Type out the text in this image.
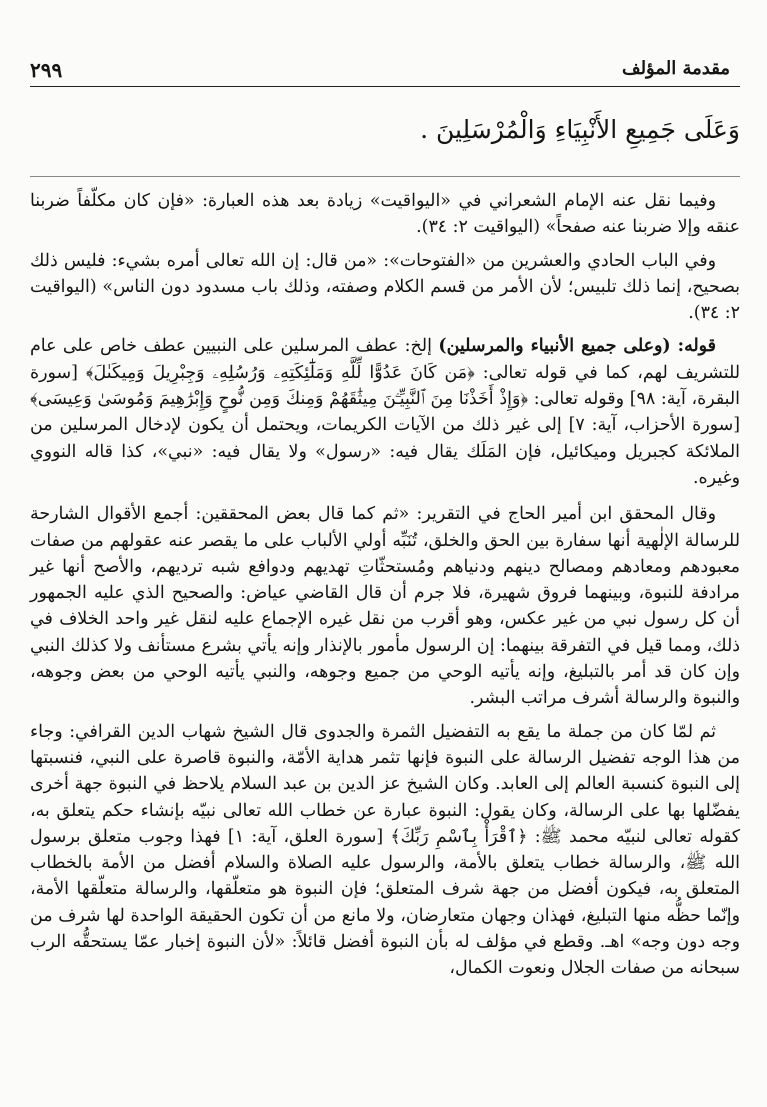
مقدمة المؤلف
٢٩٩
وَعَلَى جَمِيعِ الأَنْبِيَاءِ وَالْمُرْسَلِينَ .

وفيما نقل عنه الإمام الشعراني في «اليواقيت» زيادة بعد هذه العبارة: «فإن كان مكلّفاً ضربنا عنقه وإلا ضربنا عنه صفحاً» (اليواقيت ٢: ٣٤).

وفي الباب الحادي والعشرين من «الفتوحات»: «من قال: إن الله تعالى أمره بشيء: فليس ذلك بصحيح، إنما ذلك تلبيس؛ لأن الأمر من قسم الكلام وصفته، وذلك باب مسدود دون الناس» (اليواقيت ٢: ٣٤).

قوله: (وعلى جميع الأنبياء والمرسلين) إلخ: عطف المرسلين على النبيين عطف خاص على عام للتشريف لهم، كما في قوله تعالى: ﴿مَن كَانَ عَدُوًّا لِّلَّهِ وَمَلَٰٓئِكَتِهِۦ وَرُسُلِهِۦ وَجِبْرِيلَ وَمِيكَىٰلَ﴾ [سورة البقرة، آية: ٩٨] وقوله تعالى: ﴿وَإِذْ أَخَذْنَا مِنَ ٱلنَّبِيِّـۧنَ مِيثَٰقَهُمْ وَمِنكَ وَمِن نُّوحٍ وَإِبْرَٰهِيمَ وَمُوسَىٰ وَعِيسَى﴾ [سورة الأحزاب، آية: ٧] إلى غير ذلك من الآيات الكريمات، ويحتمل أن يكون لإدخال المرسلين من الملائكة كجبريل وميكائيل، فإن المَلَك يقال فيه: «رسول» ولا يقال فيه: «نبي»، كذا قاله النووي وغيره.

وقال المحقق ابن أمير الحاج في التقرير: «ثم كما قال بعض المحققين: أجمع الأقوال الشارحة للرسالة الإلٰهية أنها سفارة بين الحق والخلق، تُنَبِّه أولي الألباب على ما يقصر عنه عقولهم من صفات معبودهم ومعادهم ومصالح دينهم ودنياهم ومُستحثّاتِ تهديهم ودوافع شبه ترديهم، والأصح أنها غير مرادفة للنبوة، وبينهما فروق شهيرة، فلا جرم أن قال القاضي عياض: والصحيح الذي عليه الجمهور أن كل رسول نبي من غير عكس، وهو أقرب من نقل غيره الإجماع عليه لنقل غير واحد الخلاف في ذلك، ومما قيل في التفرقة بينهما: إن الرسول مأمور بالإنذار وإنه يأتي بشرع مستأنف ولا كذلك النبي وإن كان قد أمر بالتبليغ، وإنه يأتيه الوحي من جميع وجوهه، والنبي يأتيه الوحي من بعض وجوهه، والنبوة والرسالة أشرف مراتب البشر.

ثم لمّا كان من جملة ما يقع به التفضيل الثمرة والجدوى قال الشيخ شهاب الدين القرافي: وجاء من هذا الوجه تفضيل الرسالة على النبوة فإنها تثمر هداية الأمّة، والنبوة قاصرة على النبي، فنسبتها إلى النبوة كنسبة العالم إلى العابد. وكان الشيخ عز الدين بن عبد السلام يلاحظ في النبوة جهة أخرى يفضّلها بها على الرسالة، وكان يقول: النبوة عبارة عن خطاب الله تعالى نبيّه بإنشاء حكم يتعلق به، كقوله تعالى لنبيّه محمد ﷺ: ﴿ٱقْرَأْ بِٱسْمِ رَبِّكَ﴾ [سورة العلق، آية: ١] فهذا وجوب متعلق برسول الله ﷺ، والرسالة خطاب يتعلق بالأمة، والرسول عليه الصلاة والسلام أفضل من الأمة بالخطاب المتعلق به، فيكون أفضل من جهة شرف المتعلق؛ فإن النبوة هو متعلّقها، والرسالة متعلّقها الأمة، وإنّما حظُّه منها التبليغ، فهذان وجهان متعارضان، ولا مانع من أن تكون الحقيقة الواحدة لها شرف من وجه دون وجه» اهـ. وقطع في مؤلف له بأن النبوة أفضل قائلاً: «لأن النبوة إخبار عمّا يستحقُّه الرب سبحانه من صفات الجلال ونعوت الكمال،
